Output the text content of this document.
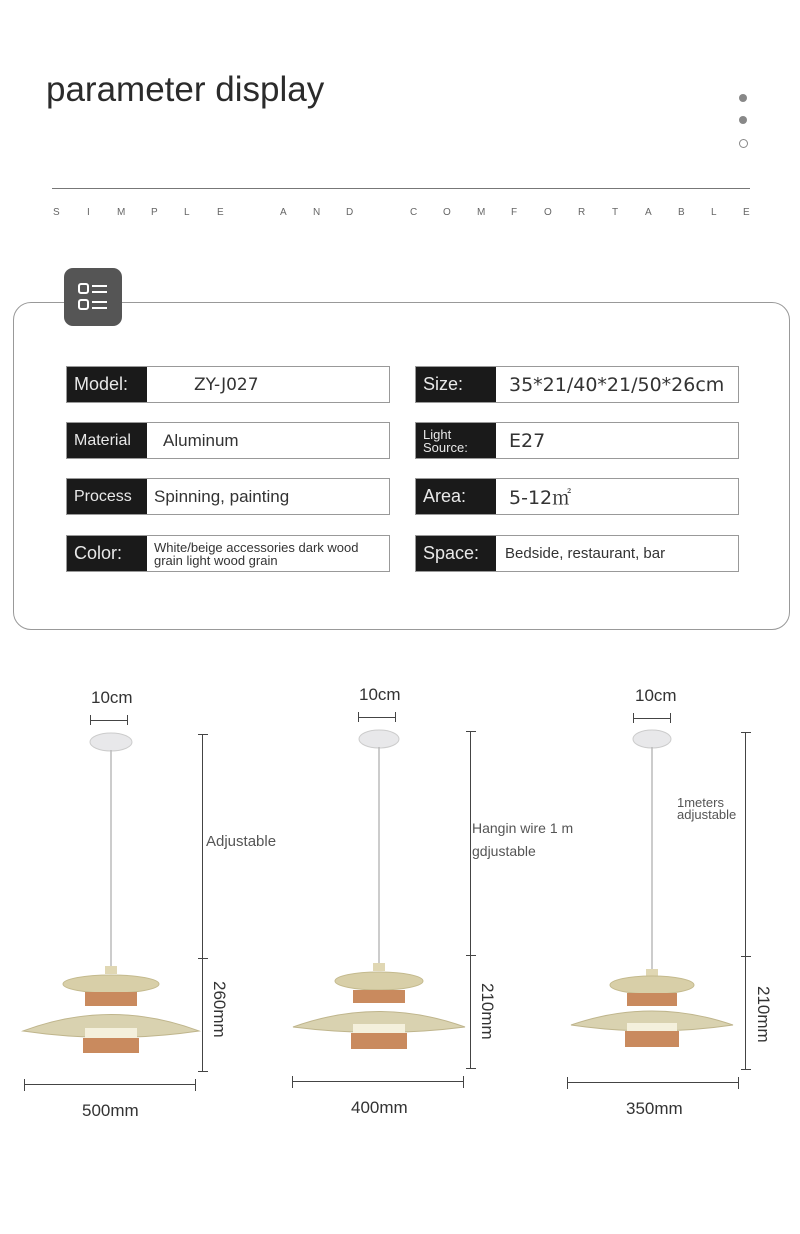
parameter display
S	I	M	P	L	E	A	N	D	C	O	M	F	O	R	T	A	B	L	E
Model:	ZY-J027
Material	Aluminum
Process	Spinning, painting
Color:	White/beige accessories dark wood grain light wood grain
Size:	35*21/40*21/50*26cm
Light Source:	E27
Area:	5-12㎡
Space:	Bedside, restaurant, bar
10cm
Adjustable
260mm
500mm
10cm
Hangin wire 1 m
gdjustable
210mm
400mm
10cm
1meters
adjustable
210mm
350mm
